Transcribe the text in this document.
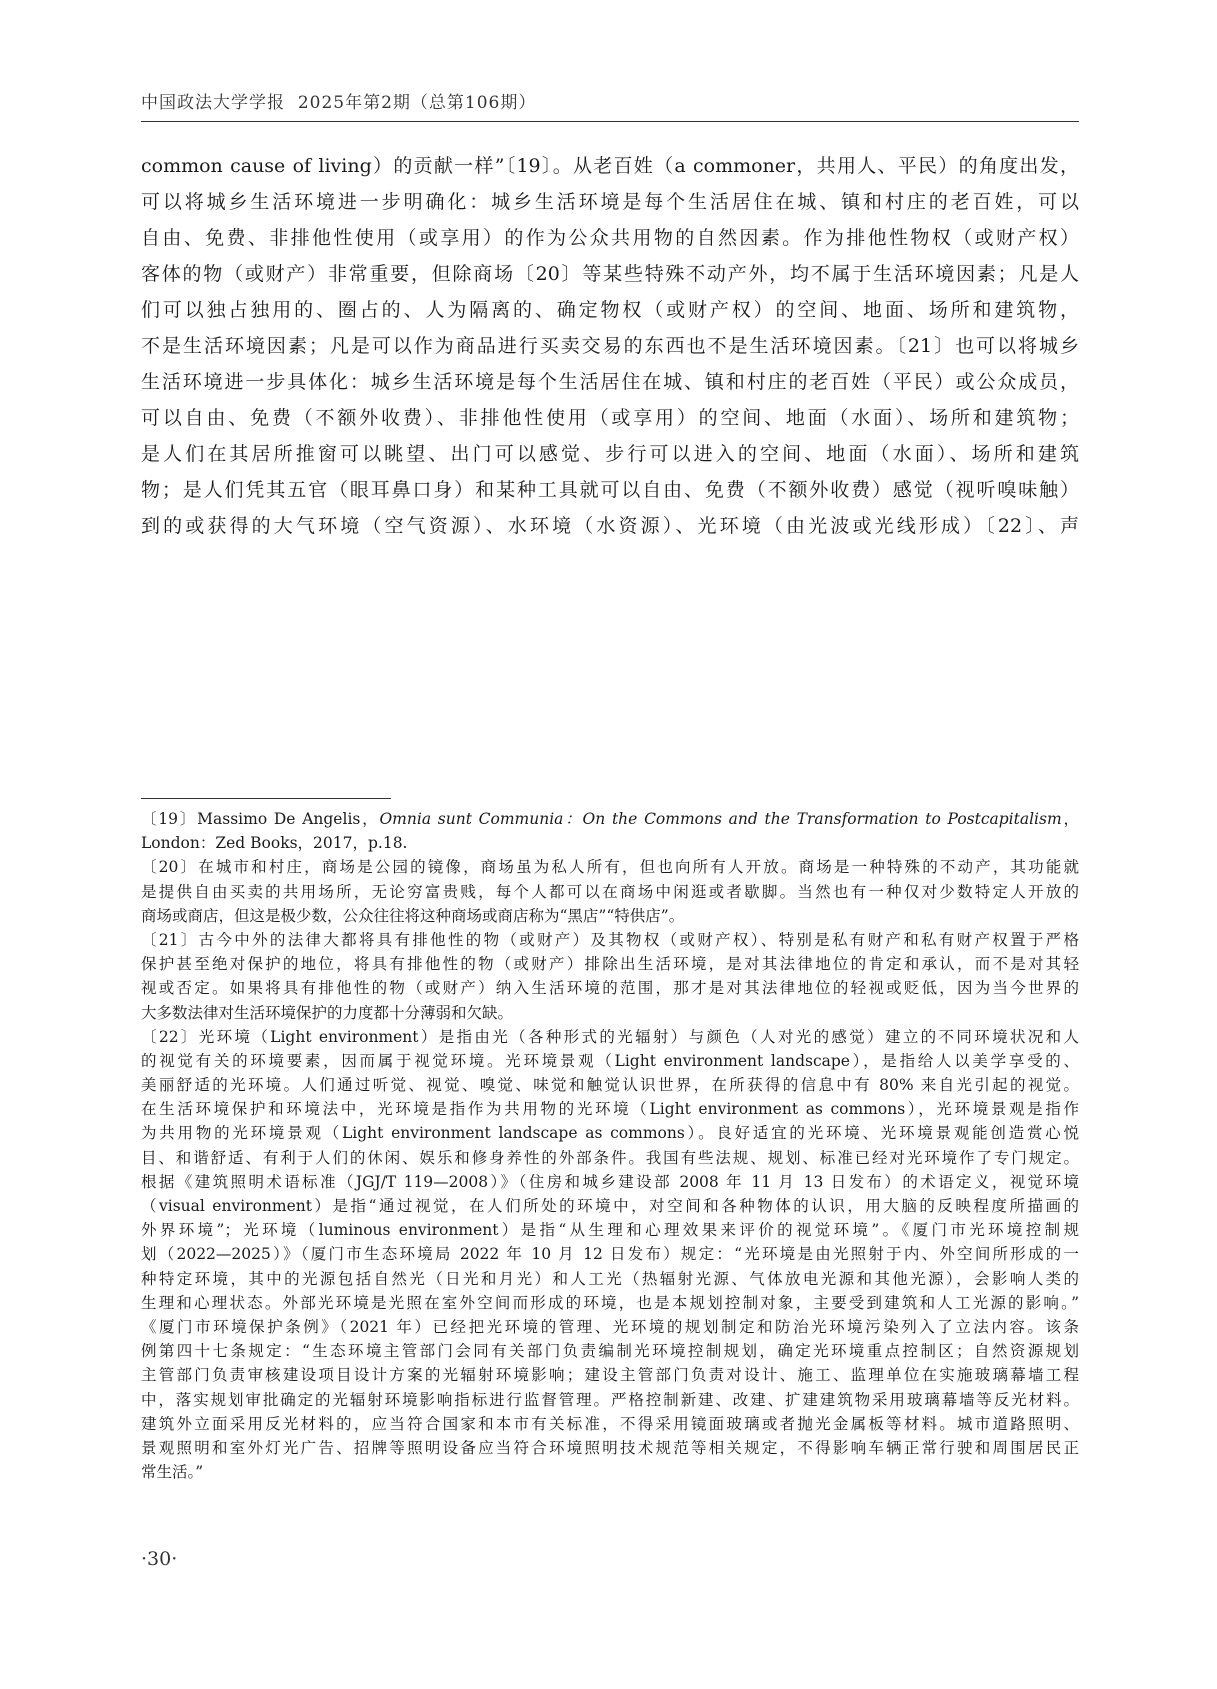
中国政法大学学报 2025年第2期（总第106期）
common cause of living）的贡献一样”〔19〕。从老百姓（a commoner，共用人、平民）的角度出发，
可以将城乡生活环境进一步明确化：城乡生活环境是每个生活居住在城、镇和村庄的老百姓，可以
自由、免费、非排他性使用（或享用）的作为公众共用物的自然因素。作为排他性物权（或财产权）
客体的物（或财产）非常重要，但除商场〔20〕等某些特殊不动产外，均不属于生活环境因素；凡是人
们可以独占独用的、圈占的、人为隔离的、确定物权（或财产权）的空间、地面、场所和建筑物，
不是生活环境因素；凡是可以作为商品进行买卖交易的东西也不是生活环境因素。〔21〕也可以将城乡
生活环境进一步具体化：城乡生活环境是每个生活居住在城、镇和村庄的老百姓（平民）或公众成员，
可以自由、免费（不额外收费）、非排他性使用（或享用）的空间、地面（水面）、场所和建筑物；
是人们在其居所推窗可以眺望、出门可以感觉、步行可以进入的空间、地面（水面）、场所和建筑
物；是人们凭其五官（眼耳鼻口身）和某种工具就可以自由、免费（不额外收费）感觉（视听嗅味触）
到的或获得的大气环境（空气资源）、水环境（水资源）、光环境（由光波或光线形成）〔22〕、声
〔19〕Massimo De Angelis，Omnia sunt Communia：On the Commons and the Transformation to Postcapitalism，
London：Zed Books，2017，p.18.
〔20〕在城市和村庄，商场是公园的镜像，商场虽为私人所有，但也向所有人开放。商场是一种特殊的不动产，其功能就
是提供自由买卖的共用场所，无论穷富贵贱，每个人都可以在商场中闲逛或者歇脚。当然也有一种仅对少数特定人开放的
商场或商店，但这是极少数，公众往往将这种商场或商店称为“黑店”“特供店”。
〔21〕古今中外的法律大都将具有排他性的物（或财产）及其物权（或财产权）、特别是私有财产和私有财产权置于严格
保护甚至绝对保护的地位，将具有排他性的物（或财产）排除出生活环境，是对其法律地位的肯定和承认，而不是对其轻
视或否定。如果将具有排他性的物（或财产）纳入生活环境的范围，那才是对其法律地位的轻视或贬低，因为当今世界的
大多数法律对生活环境保护的力度都十分薄弱和欠缺。
〔22〕光环境（Light environment）是指由光（各种形式的光辐射）与颜色（人对光的感觉）建立的不同环境状况和人
的视觉有关的环境要素，因而属于视觉环境。光环境景观（Light environment landscape），是指给人以美学享受的、
美丽舒适的光环境。人们通过听觉、视觉、嗅觉、味觉和触觉认识世界，在所获得的信息中有 80% 来自光引起的视觉。
在生活环境保护和环境法中，光环境是指作为共用物的光环境（Light environment as commons），光环境景观是指作
为共用物的光环境景观（Light environment landscape as commons）。良好适宜的光环境、光环境景观能创造赏心悦
目、和谐舒适、有利于人们的休闲、娱乐和修身养性的外部条件。我国有些法规、规划、标准已经对光环境作了专门规定。
根据《建筑照明术语标准（JGJ/T 119—2008）》（住房和城乡建设部 2008 年 11 月 13 日发布）的术语定义，视觉环境
（visual environment）是指“通过视觉，在人们所处的环境中，对空间和各种物体的认识，用大脑的反映程度所描画的
外界环境”；光环境（luminous environment）是指“从生理和心理效果来评价的视觉环境”。《厦门市光环境控制规
划（2022—2025）》（厦门市生态环境局 2022 年 10 月 12 日发布）规定：“光环境是由光照射于内、外空间所形成的一
种特定环境，其中的光源包括自然光（日光和月光）和人工光（热辐射光源、气体放电光源和其他光源），会影响人类的
生理和心理状态。外部光环境是光照在室外空间而形成的环境，也是本规划控制对象，主要受到建筑和人工光源的影响。”
《厦门市环境保护条例》（2021 年）已经把光环境的管理、光环境的规划制定和防治光环境污染列入了立法内容。该条
例第四十七条规定：“生态环境主管部门会同有关部门负责编制光环境控制规划，确定光环境重点控制区；自然资源规划
主管部门负责审核建设项目设计方案的光辐射环境影响；建设主管部门负责对设计、施工、监理单位在实施玻璃幕墙工程
中，落实规划审批确定的光辐射环境影响指标进行监督管理。严格控制新建、改建、扩建建筑物采用玻璃幕墙等反光材料。
建筑外立面采用反光材料的，应当符合国家和本市有关标准，不得采用镜面玻璃或者抛光金属板等材料。城市道路照明、
景观照明和室外灯光广告、招牌等照明设备应当符合环境照明技术规范等相关规定，不得影响车辆正常行驶和周围居民正
常生活。”
·30·
